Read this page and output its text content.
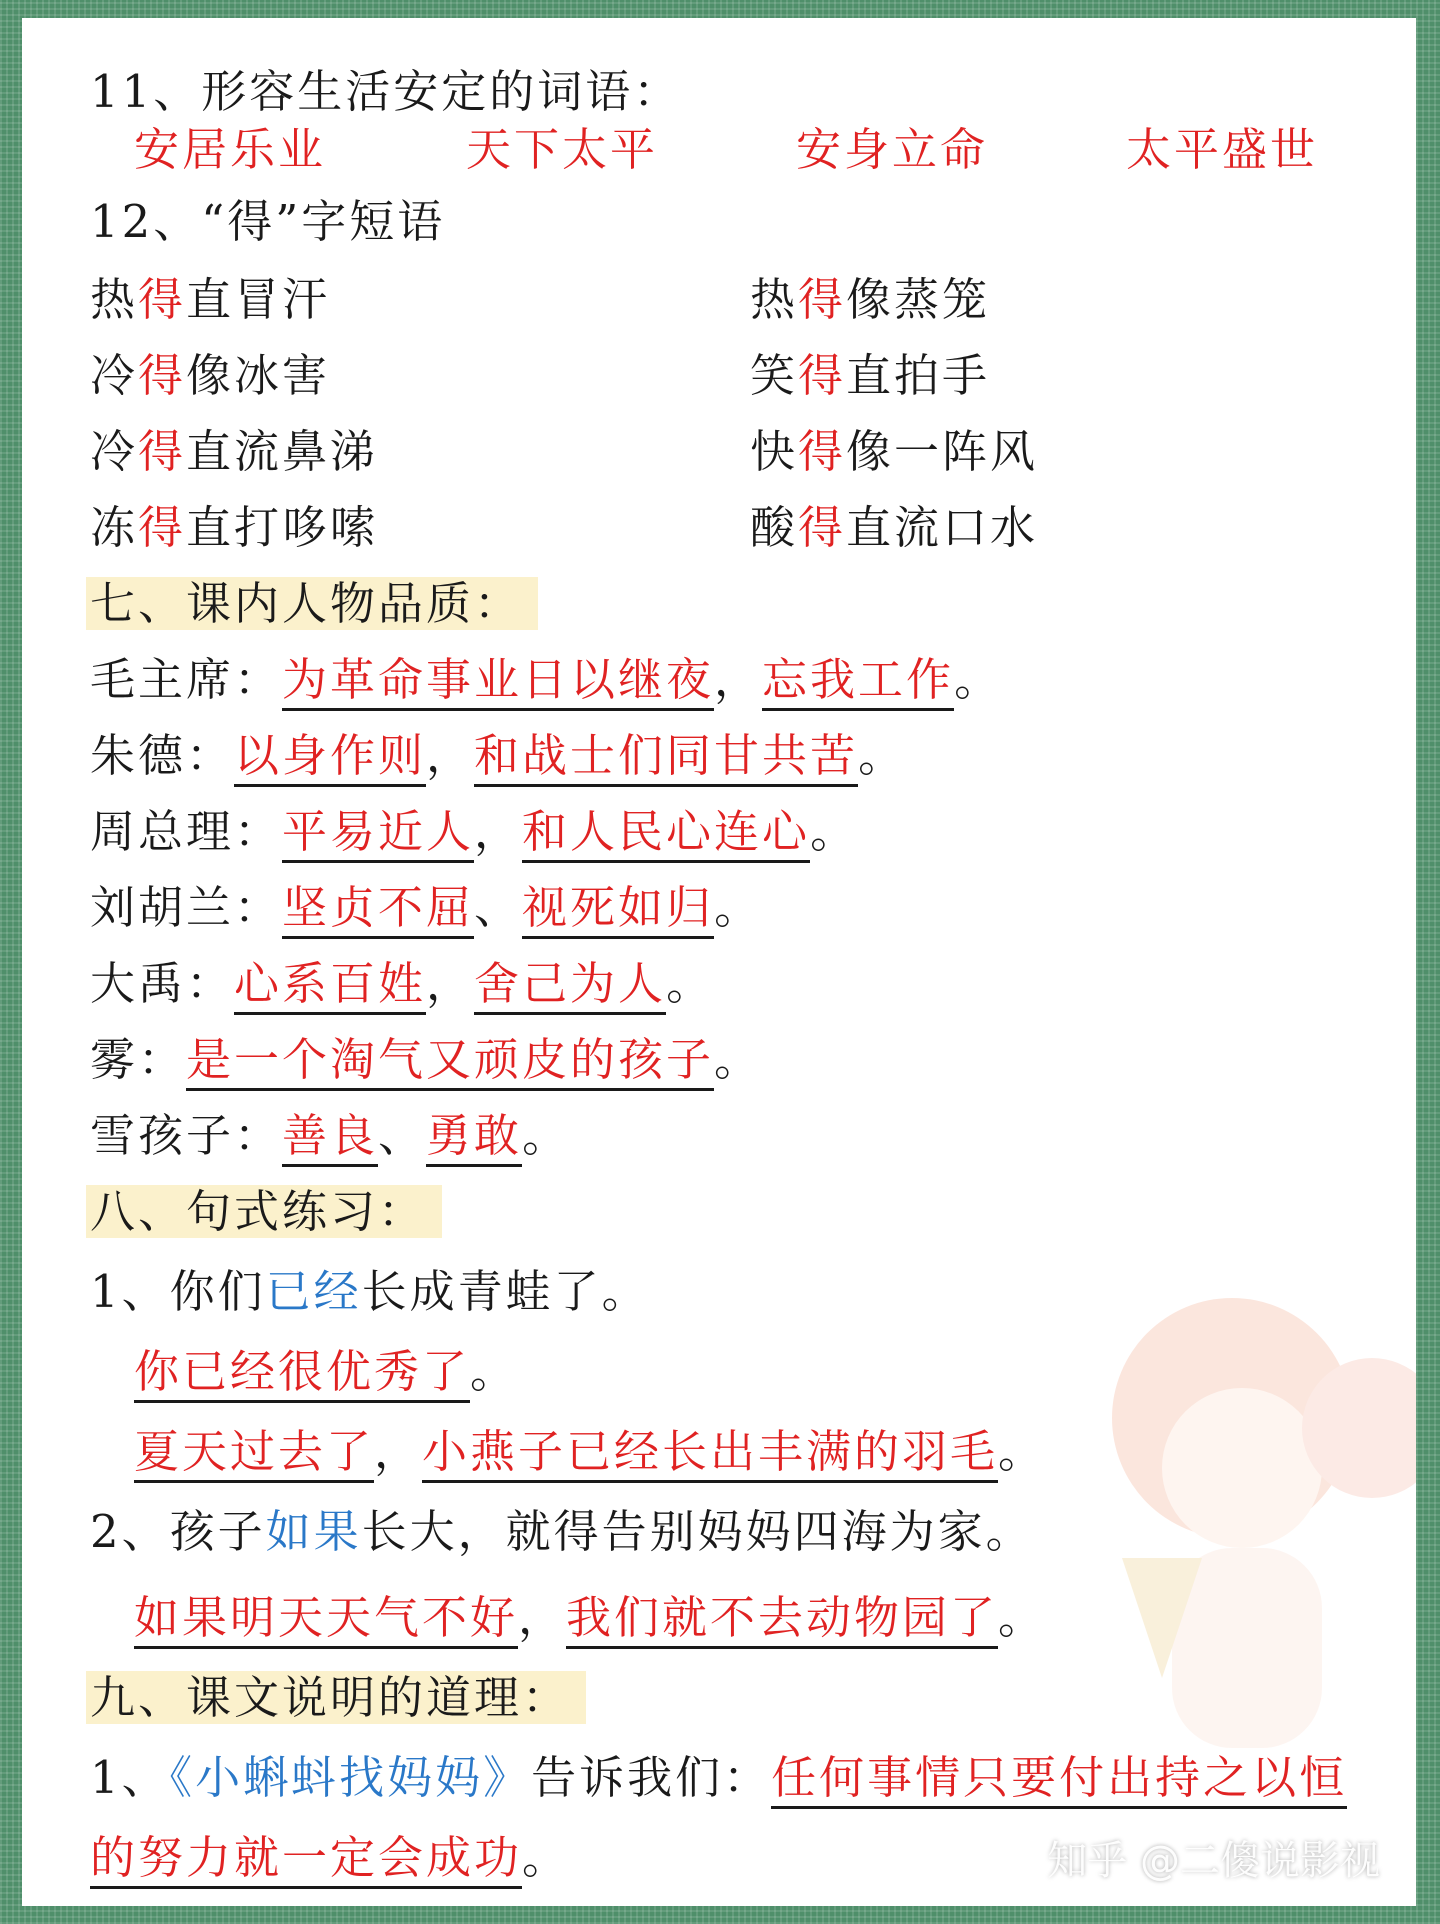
11、形容生活安定的词语：
安居乐业	天下太平	安身立命	太平盛世
12、“得”字短语
热得直冒汗	热得像蒸笼
冷得像冰害	笑得直拍手
冷得直流鼻涕	快得像一阵风
冻得直打哆嗦	酸得直流口水
七、课内人物品质：
毛主席：为革命事业日以继夜，忘我工作。
朱德：以身作则，和战士们同甘共苦。
周总理：平易近人，和人民心连心。
刘胡兰：坚贞不屈、视死如归。
大禹：心系百姓，舍己为人。
雾：是一个淘气又顽皮的孩子。
雪孩子：善良、勇敢。
八、句式练习：
1、你们已经长成青蛙了。
你已经很优秀了。
夏天过去了，小燕子已经长出丰满的羽毛。
2、孩子如果长大，就得告别妈妈四海为家。
如果明天天气不好，我们就不去动物园了。
九、课文说明的道理：
1、《小蝌蚪找妈妈》告诉我们：任何事情只要付出持之以恒
的努力就一定会成功。	知乎 @二傻说影视
